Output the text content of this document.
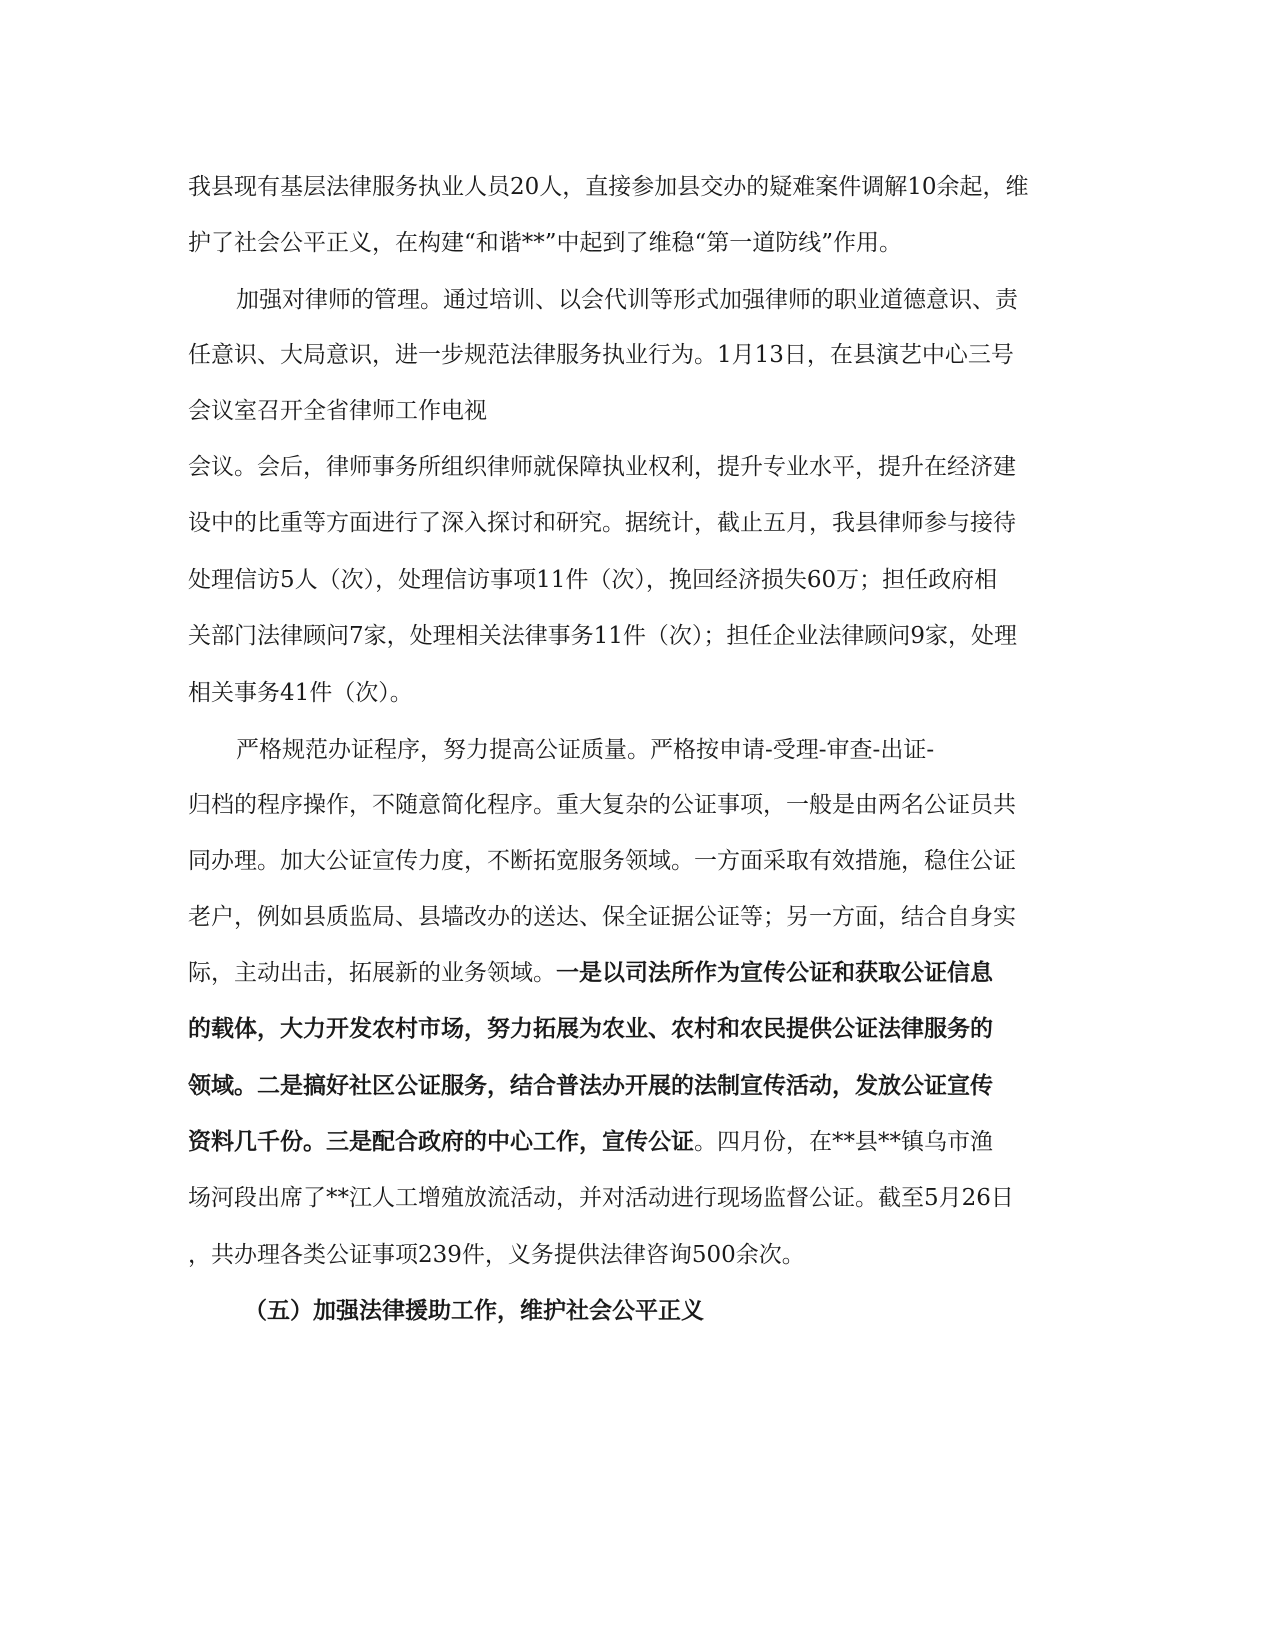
我县现有基层法律服务执业人员20人，直接参加县交办的疑难案件调解10余起，维
护了社会公平正义，在构建“和谐**”中起到了维稳“第一道防线”作用。
加强对律师的管理。通过培训、以会代训等形式加强律师的职业道德意识、责
任意识、大局意识，进一步规范法律服务执业行为。1月13日，在县演艺中心三号
会议室召开全省律师工作电视
会议。会后，律师事务所组织律师就保障执业权利，提升专业水平，提升在经济建
设中的比重等方面进行了深入探讨和研究。据统计，截止五月，我县律师参与接待
处理信访5人（次），处理信访事项11件（次），挽回经济损失60万；担任政府相
关部门法律顾问7家，处理相关法律事务11件（次）；担任企业法律顾问9家，处理
相关事务41件（次）。
严格规范办证程序，努力提高公证质量。严格按申请-受理-审查-出证-
归档的程序操作，不随意简化程序。重大复杂的公证事项，一般是由两名公证员共
同办理。加大公证宣传力度，不断拓宽服务领域。一方面采取有效措施，稳住公证
老户，例如县质监局、县墙改办的送达、保全证据公证等；另一方面，结合自身实
际，主动出击，拓展新的业务领域。一是以司法所作为宣传公证和获取公证信息
的载体，大力开发农村市场，努力拓展为农业、农村和农民提供公证法律服务的
领域。二是搞好社区公证服务，结合普法办开展的法制宣传活动，发放公证宣传
资料几千份。三是配合政府的中心工作，宣传公证。四月份，在**县**镇乌市渔
场河段出席了**江人工增殖放流活动，并对活动进行现场监督公证。截至5月26日
，共办理各类公证事项239件，义务提供法律咨询500余次。
（五）加强法律援助工作，维护社会公平正义
